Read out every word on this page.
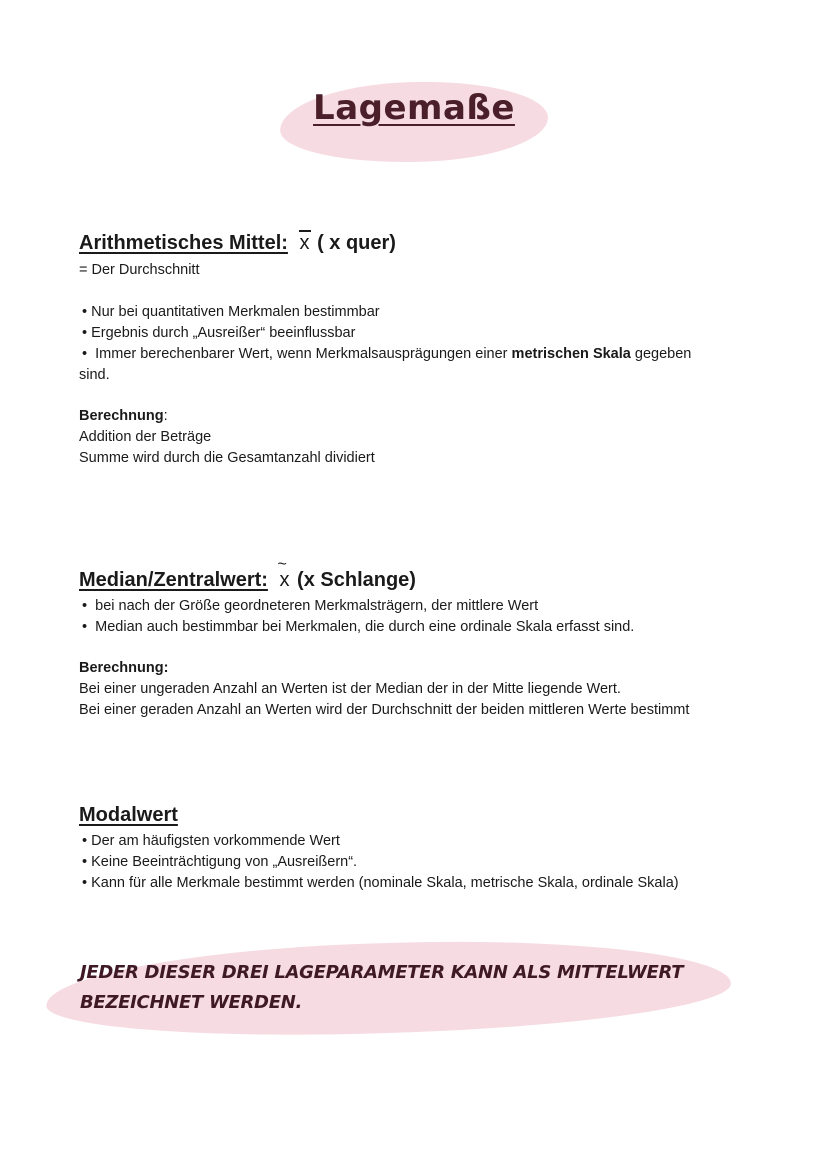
Lagemaße
Arithmetisches Mittel: x ( x quer)
= Der Durchschnitt
• Nur bei quantitativen Merkmalen bestimmbar
• Ergebnis durch „Ausreißer“ beeinflussbar
•  Immer berechenbarer Wert, wenn Merkmalsausprägungen einer metrischen Skala gegeben
sind.
Berechnung:
Addition der Beträge
Summe wird durch die Gesamtanzahl dividiert
Median/Zentralwert:
~
x (x Schlange)
•  bei nach der Größe geordneteren Merkmalsträgern, der mittlere Wert
•  Median auch bestimmbar bei Merkmalen, die durch eine ordinale Skala erfasst sind.
Berechnung:
Bei einer ungeraden Anzahl an Werten ist der Median der in der Mitte liegende Wert.
Bei einer geraden Anzahl an Werten wird der Durchschnitt der beiden mittleren Werte bestimmt
Modalwert
• Der am häufigsten vorkommende Wert
• Keine Beeinträchtigung von „Ausreißern“.
• Kann für alle Merkmale bestimmt werden (nominale Skala, metrische Skala, ordinale Skala)
JEDER DIESER DREI LAGEPARAMETER KANN ALS MITTELWERT BEZEICHNET WERDEN.
